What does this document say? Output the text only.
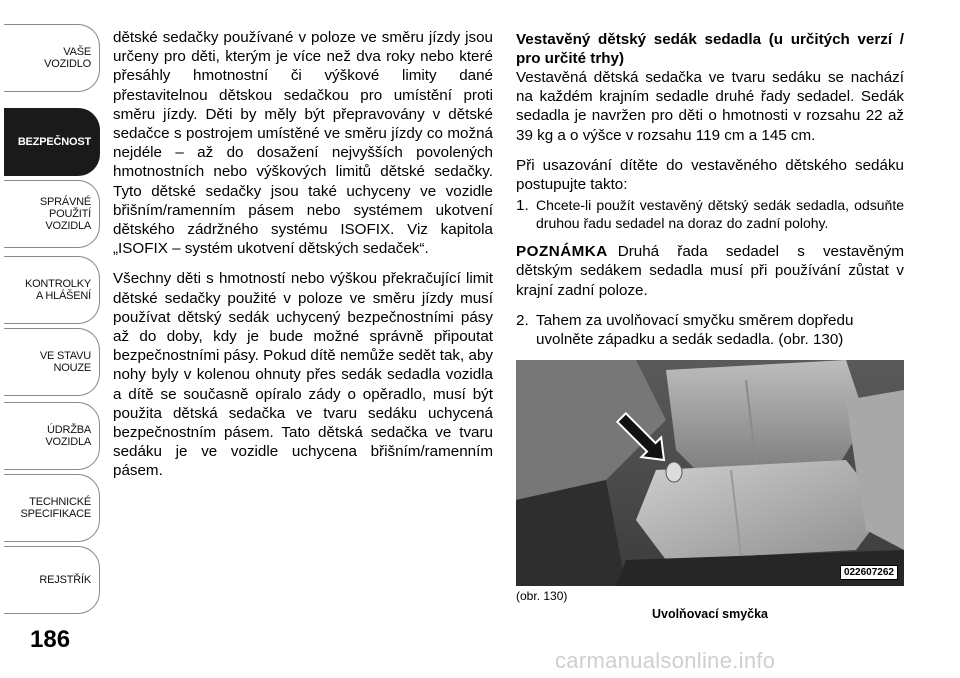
VAŠE
VOZIDLO
BEZPEČNOST
SPRÁVNÉ
POUŽITÍ
VOZIDLA
KONTROLKY
A HLÁŠENÍ
VE STAVU
NOUZE
ÚDRŽBA
VOZIDLA
TECHNICKÉ
SPECIFIKACE
REJSTŘÍK
186

dětské sedačky používané v poloze ve směru jízdy jsou určeny pro děti, kterým je více než dva roky nebo které přesáhly hmotnostní či výškové limity dané přestavitelnou dětskou sedačkou pro umístění proti směru jízdy. Děti by měly být přepravovány v dětské sedačce s postrojem umístěné ve směru jízdy co možná nejdéle – až do dosažení nejvyšších povolených hmotnostních nebo výškových limitů dětské sedačky. Tyto dětské sedačky jsou také uchyceny ve vozidle břišním/ramenním pásem nebo systémem ukotvení dětského zádržného systému ISOFIX. Viz kapitola „ISOFIX – systém ukotvení dětských sedaček“.

Všechny děti s hmotností nebo výškou překračující limit dětské sedačky použité v poloze ve směru jízdy musí používat dětský sedák uchycený bezpečnostními pásy až do doby, kdy je bude možné správně připoutat bezpečnostními pásy. Pokud dítě nemůže sedět tak, aby nohy byly v kolenou ohnuty přes sedák sedadla vozidla a dítě se současně opíralo zády o opěradlo, musí být použita dětská sedačka ve tvaru sedáku uchycená bezpečnostním pásem. Tato dětská sedačka ve tvaru sedáku je ve vozidle uchycena břišním/ramenním pásem.

Vestavěný dětský sedák sedadla (u určitých verzí / pro určité trhy)

Vestavěná dětská sedačka ve tvaru sedáku se nachází na každém krajním sedadle druhé řady sedadel. Sedák sedadla je navržen pro děti o hmotnosti v rozsahu 22 až 39 kg a o výšce v rozsahu 119 cm a 145 cm.

Při usazování dítěte do vestavěného dětského sedáku postupujte takto:

1. Chcete-li použít vestavěný dětský sedák sedadla, odsuňte druhou řadu sedadel na doraz do zadní polohy.

POZNÁMKA Druhá řada sedadel s vestavěným dětským sedákem sedadla musí při používání zůstat v krajní zadní poloze.

2. Tahem za uvolňovací smyčku směrem dopředu uvolněte západku a sedák sedadla. (obr. 130)
022607262
(obr. 130)
Uvolňovací smyčka
carmanualsonline.info
